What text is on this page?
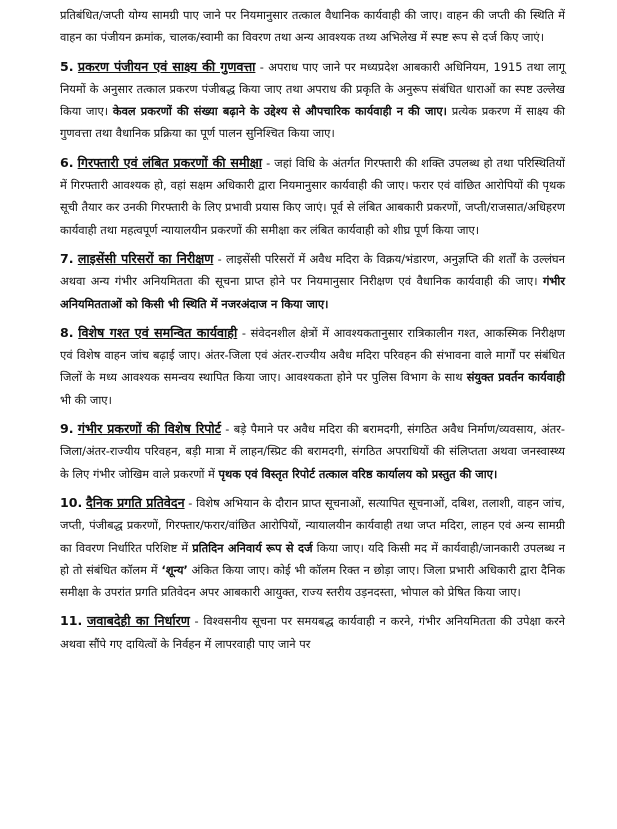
प्रतिबंधित/जप्ती योग्य सामग्री पाए जाने पर नियमानुसार तत्काल वैधानिक कार्यवाही की जाए। वाहन की जप्ती की स्थिति में वाहन का पंजीयन क्रमांक, चालक/स्वामी का विवरण तथा अन्य आवश्यक तथ्य अभिलेख में स्पष्ट रूप से दर्ज किए जाएं।

5. प्रकरण पंजीयन एवं साक्ष्य की गुणवत्ता - अपराध पाए जाने पर मध्यप्रदेश आबकारी अधिनियम, 1915 तथा लागू नियमों के अनुसार तत्काल प्रकरण पंजीबद्ध किया जाए तथा अपराध की प्रकृति के अनुरूप संबंधित धाराओं का स्पष्ट उल्लेख किया जाए। केवल प्रकरणों की संख्या बढ़ाने के उद्देश्य से औपचारिक कार्यवाही न की जाए। प्रत्येक प्रकरण में साक्ष्य की गुणवत्ता तथा वैधानिक प्रक्रिया का पूर्ण पालन सुनिश्चित किया जाए।

6. गिरफ्तारी एवं लंबित प्रकरणों की समीक्षा - जहां विधि के अंतर्गत गिरफ्तारी की शक्ति उपलब्ध हो तथा परिस्थितियों में गिरफ्तारी आवश्यक हो, वहां सक्षम अधिकारी द्वारा नियमानुसार कार्यवाही की जाए। फरार एवं वांछित आरोपियों की पृथक सूची तैयार कर उनकी गिरफ्तारी के लिए प्रभावी प्रयास किए जाएं। पूर्व से लंबित आबकारी प्रकरणों, जप्ती/राजसात/अधिहरण कार्यवाही तथा महत्वपूर्ण न्यायालयीन प्रकरणों की समीक्षा कर लंबित कार्यवाही को शीघ्र पूर्ण किया जाए।

7. लाइसेंसी परिसरों का निरीक्षण - लाइसेंसी परिसरों में अवैध मदिरा के विक्रय/भंडारण, अनुज्ञप्ति की शर्तों के उल्लंघन अथवा अन्य गंभीर अनियमितता की सूचना प्राप्त होने पर नियमानुसार निरीक्षण एवं वैधानिक कार्यवाही की जाए। गंभीर अनियमितताओं को किसी भी स्थिति में नजरअंदाज न किया जाए।

8. विशेष गश्त एवं समन्वित कार्यवाही - संवेदनशील क्षेत्रों में आवश्यकतानुसार रात्रिकालीन गश्त, आकस्मिक निरीक्षण एवं विशेष वाहन जांच बढ़ाई जाए। अंतर-जिला एवं अंतर-राज्यीय अवैध मदिरा परिवहन की संभावना वाले मार्गों पर संबंधित जिलों के मध्य आवश्यक समन्वय स्थापित किया जाए। आवश्यकता होने पर पुलिस विभाग के साथ संयुक्त प्रवर्तन कार्यवाही भी की जाए।

9. गंभीर प्रकरणों की विशेष रिपोर्ट - बड़े पैमाने पर अवैध मदिरा की बरामदगी, संगठित अवैध निर्माण/व्यवसाय, अंतर-जिला/अंतर-राज्यीय परिवहन, बड़ी मात्रा में लाहन/स्प्रिट की बरामदगी, संगठित अपराधियों की संलिप्तता अथवा जनस्वास्थ्य के लिए गंभीर जोखिम वाले प्रकरणों में पृथक एवं विस्तृत रिपोर्ट तत्काल वरिष्ठ कार्यालय को प्रस्तुत की जाए।

10. दैनिक प्रगति प्रतिवेदन - विशेष अभियान के दौरान प्राप्त सूचनाओं, सत्यापित सूचनाओं, दबिश, तलाशी, वाहन जांच, जप्ती, पंजीबद्ध प्रकरणों, गिरफ्तार/फरार/वांछित आरोपियों, न्यायालयीन कार्यवाही तथा जप्त मदिरा, लाहन एवं अन्य सामग्री का विवरण निर्धारित परिशिष्ट में प्रतिदिन अनिवार्य रूप से दर्ज किया जाए। यदि किसी मद में कार्यवाही/जानकारी उपलब्ध न हो तो संबंधित कॉलम में ‘शून्य’ अंकित किया जाए। कोई भी कॉलम रिक्त न छोड़ा जाए। जिला प्रभारी अधिकारी द्वारा दैनिक समीक्षा के उपरांत प्रगति प्रतिवेदन अपर आबकारी आयुक्त, राज्य स्तरीय उड़नदस्ता, भोपाल को प्रेषित किया जाए।

11. जवाबदेही का निर्धारण - विश्वसनीय सूचना पर समयबद्ध कार्यवाही न करने, गंभीर अनियमितता की उपेक्षा करने अथवा सौंपे गए दायित्वों के निर्वहन में लापरवाही पाए जाने पर
